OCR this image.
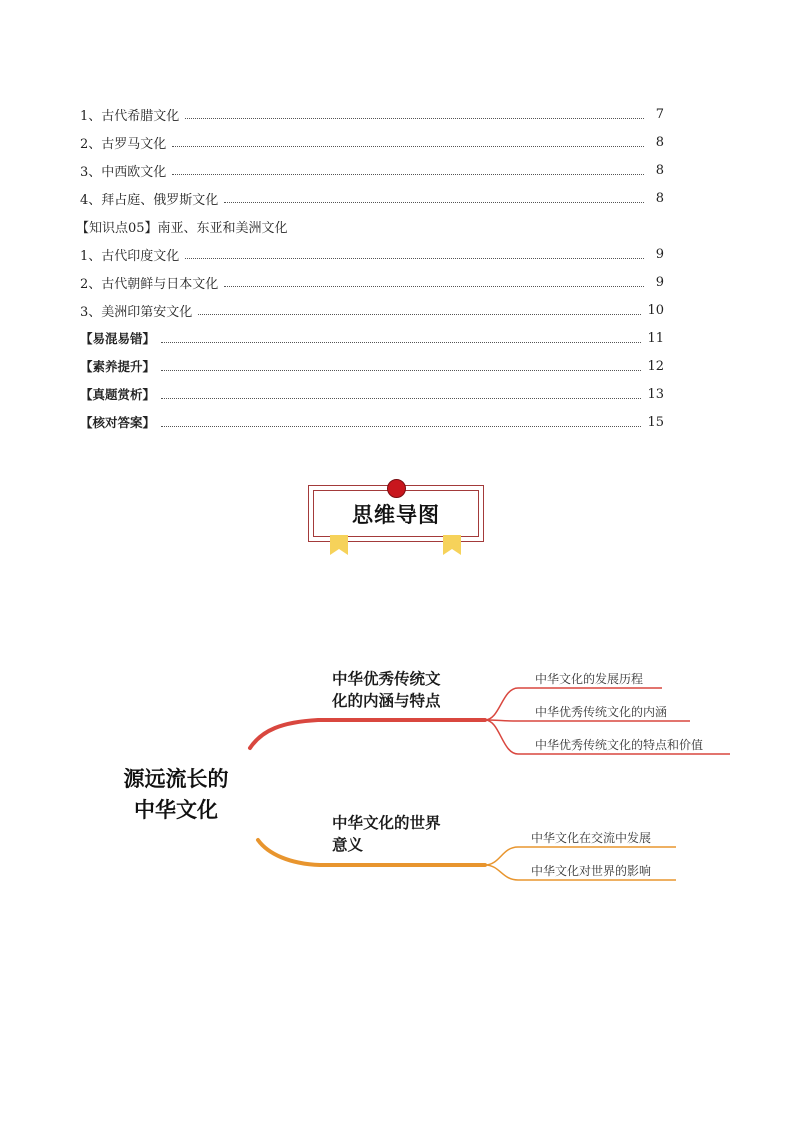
1、古代希腊文化	7
2、古罗马文化	8
3、中西欧文化	8
4、拜占庭、俄罗斯文化	8
【知识点05】南亚、东亚和美洲文化
1、古代印度文化	9
2、古代朝鲜与日本文化	9
3、美洲印第安文化	10
【易混易错】	11
【素养提升】	12
【真题赏析】	13
【核对答案】	15
思维导图
源远流长的
中华文化
中华优秀传统文
化的内涵与特点
中华文化的发展历程
中华优秀传统文化的内涵
中华优秀传统文化的特点和价值
中华文化的世界
意义	中华文化在交流中发展
中华文化对世界的影响
